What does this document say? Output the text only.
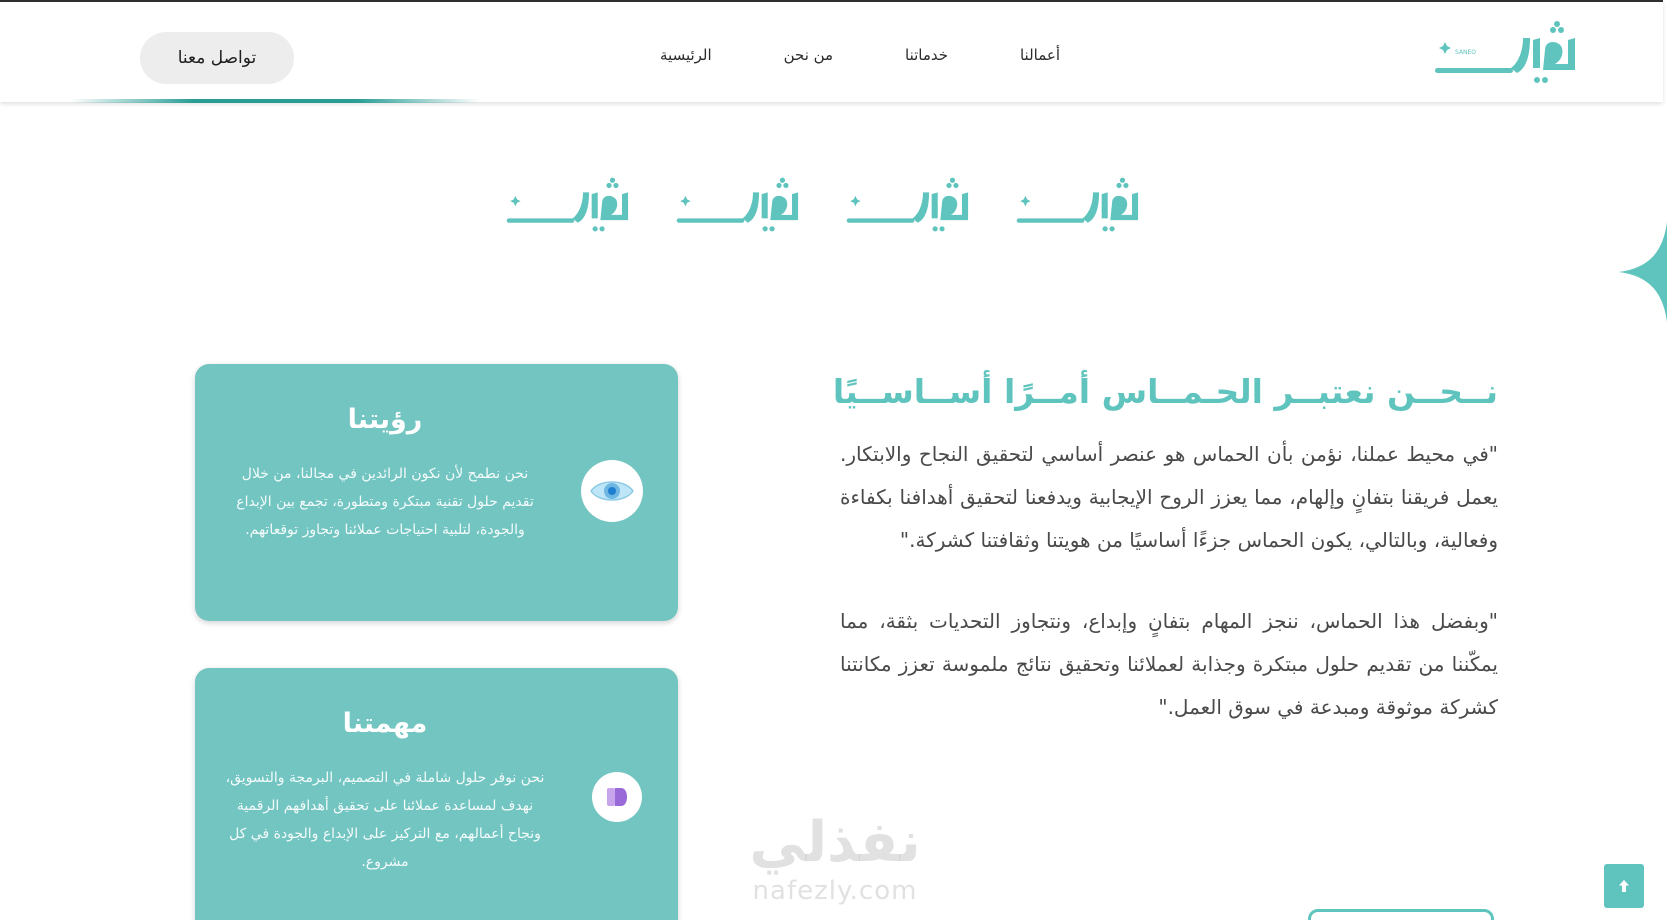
SANEO
الرئيسية	من نحن	خدماتنا	أعمالنا
تواصل معنا
نــحــن نعتبــر الحـمــاس أمــرًا أســاســيًا

"في محيط عملنا، نؤمن بأن الحماس هو عنصر أساسي لتحقيق النجاح والابتكار. يعمل فريقنا بتفانٍ وإلهام، مما يعزز الروح الإيجابية ويدفعنا لتحقيق أهدافنا بكفاءة وفعالية، وبالتالي، يكون الحماس جزءًا أساسيًا من هويتنا وثقافتنا كشركة."

"وبفضل هذا الحماس، ننجز المهام بتفانٍ وإبداع، ونتجاوز التحديات بثقة، مما يمكّننا من تقديم حلول مبتكرة وجذابة لعملائنا وتحقيق نتائج ملموسة تعزز مكانتنا كشركة موثوقة ومبدعة في سوق العمل."

رؤيتنا

نحن نطمح لأن نكون الرائدين في مجالنا، من خلال تقديم حلول تقنية مبتكرة ومتطورة، تجمع بين الإبداع والجودة، لتلبية احتياجات عملائنا وتجاوز توقعاتهم.

مهمتنا

نحن نوفر حلول شاملة في التصميم، البرمجة والتسويق، نهدف لمساعدة عملائنا على تحقيق أهدافهم الرقمية ونجاح أعمالهم، مع التركيز على الإبداع والجودة في كل مشروع.	نفذلي
nafezly.com
